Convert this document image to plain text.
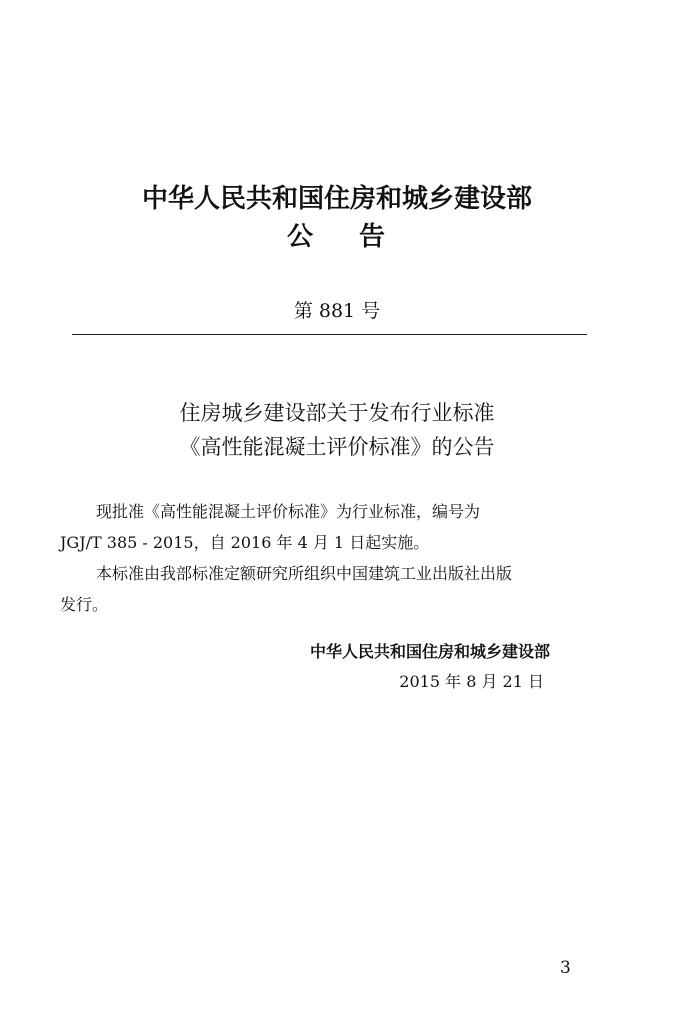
中华人民共和国住房和城乡建设部
公 告
第 881 号
住房城乡建设部关于发布行业标准
《高性能混凝土评价标准》的公告
现批准《高性能混凝土评价标准》为行业标准，编号为
JGJ/T 385 - 2015，自 2016 年 4 月 1 日起实施。
本标准由我部标准定额研究所组织中国建筑工业出版社出版
发行。
中华人民共和国住房和城乡建设部
2015 年 8 月 21 日
3
